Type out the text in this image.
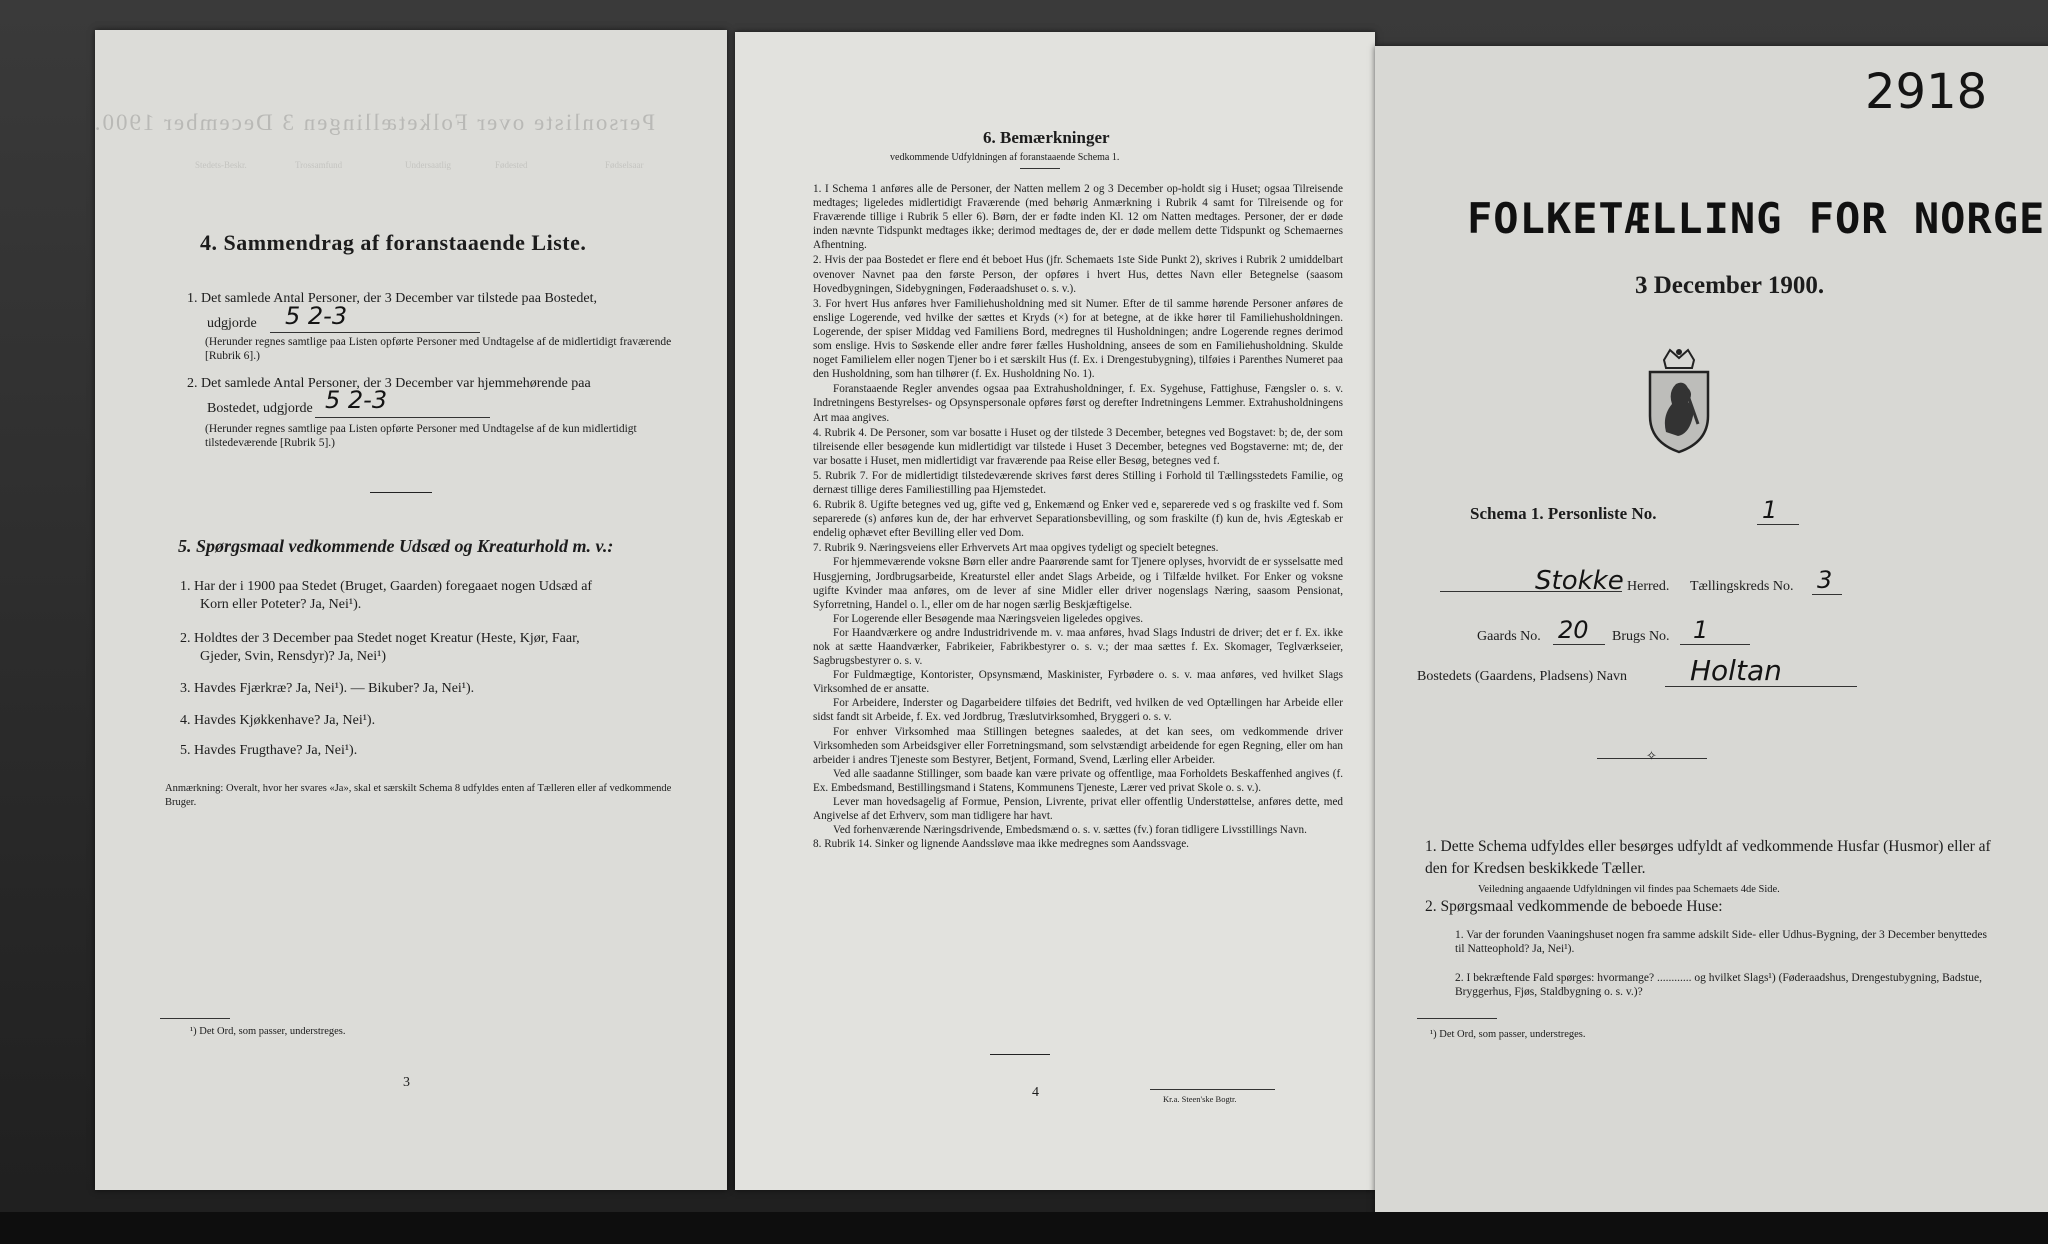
Personliste over Folketællingen 3 December 1900.
Stedets-Beskr.	Trossamfund	Undersaatlig	Fødested	Fødselsaar
4. Sammendrag af foranstaaende Liste.
1. Det samlede Antal Personer, der 3 December var tilstede paa Bostedet,
udgjorde 5 2-3
(Herunder regnes samtlige paa Listen opførte Personer med Undtagelse af de midlertidigt fraværende [Rubrik 6].)
2. Det samlede Antal Personer, der 3 December var hjemmehørende paa
Bostedet, udgjorde 5 2-3
(Herunder regnes samtlige paa Listen opførte Personer med Undtagelse af de kun midlertidigt tilstedeværende [Rubrik 5].)
5. Spørgsmaal vedkommende Udsæd og Kreaturhold m. v.:
1. Har der i 1900 paa Stedet (Bruget, Gaarden) foregaaet nogen Udsæd af
Korn eller Poteter? Ja, Nei¹).
2. Holdtes der 3 December paa Stedet noget Kreatur (Heste, Kjør, Faar,
Gjeder, Svin, Rensdyr)? Ja, Nei¹)
3. Havdes Fjærkræ? Ja, Nei¹). — Bikuber? Ja, Nei¹).
4. Havdes Kjøkkenhave? Ja, Nei¹).
5. Havdes Frugthave? Ja, Nei¹).
Anmærkning: Overalt, hvor her svares «Ja», skal et særskilt Schema 8 udfyldes enten af Tælleren eller af vedkommende Bruger.
¹) Det Ord, som passer, understreges.
3
6. Bemærkninger
vedkommende Udfyldningen af foranstaaende Schema 1.
1. I Schema 1 anføres alle de Personer, der Natten mellem 2 og 3 December op-holdt sig i Huset; ogsaa Tilreisende medtages; ligeledes midlertidigt Fraværende (med behørig Anmærkning i Rubrik 4 samt for Tilreisende og for Fraværende tillige i Rubrik 5 eller 6). Børn, der er fødte inden Kl. 12 om Natten medtages. Personer, der er døde inden nævnte Tidspunkt medtages ikke; derimod medtages de, der er døde mellem dette Tidspunkt og Schemaernes Afhentning.
2. Hvis der paa Bostedet er flere end ét beboet Hus (jfr. Schemaets 1ste Side Punkt 2), skrives i Rubrik 2 umiddelbart ovenover Navnet paa den første Person, der opføres i hvert Hus, dettes Navn eller Betegnelse (saasom Hovedbygningen, Sidebygningen, Føderaadshuset o. s. v.).
3. For hvert Hus anføres hver Familiehusholdning med sit Numer. Efter de til samme hørende Personer anføres de enslige Logerende, ved hvilke der sættes et Kryds (×) for at betegne, at de ikke hører til Familiehusholdningen. Logerende, der spiser Middag ved Familiens Bord, medregnes til Husholdningen; andre Logerende regnes derimod som enslige. Hvis to Søskende eller andre fører fælles Husholdning, ansees de som en Familiehusholdning. Skulde noget Familielem eller nogen Tjener bo i et særskilt Hus (f. Ex. i Drengestubygning), tilføies i Parenthes Numeret paa den Husholdning, som han tilhører (f. Ex. Husholdning No. 1).
Foranstaaende Regler anvendes ogsaa paa Extrahusholdninger, f. Ex. Sygehuse, Fattighuse, Fængsler o. s. v. Indretningens Bestyrelses- og Opsynspersonale opføres først og derefter Indretningens Lemmer. Extrahusholdningens Art maa angives.
4. Rubrik 4. De Personer, som var bosatte i Huset og der tilstede 3 December, betegnes ved Bogstavet: b; de, der som tilreisende eller besøgende kun midlertidigt var tilstede i Huset 3 December, betegnes ved Bogstaverne: mt; de, der var bosatte i Huset, men midlertidigt var fraværende paa Reise eller Besøg, betegnes ved f.
5. Rubrik 7. For de midlertidigt tilstedeværende skrives først deres Stilling i Forhold til Tællingsstedets Familie, og dernæst tillige deres Familiestilling paa Hjemstedet.
6. Rubrik 8. Ugifte betegnes ved ug, gifte ved g, Enkemænd og Enker ved e, separerede ved s og fraskilte ved f. Som separerede (s) anføres kun de, der har erhvervet Separationsbevilling, og som fraskilte (f) kun de, hvis Ægteskab er endelig ophævet efter Bevilling eller ved Dom.
7. Rubrik 9. Næringsveiens eller Erhvervets Art maa opgives tydeligt og specielt betegnes.
For hjemmeværende voksne Børn eller andre Paarørende samt for Tjenere oplyses, hvorvidt de er sysselsatte med Husgjerning, Jordbrugsarbeide, Kreaturstel eller andet Slags Arbeide, og i Tilfælde hvilket. For Enker og voksne ugifte Kvinder maa anføres, om de lever af sine Midler eller driver nogenslags Næring, saasom Pensionat, Syforretning, Handel o. l., eller om de har nogen særlig Beskjæftigelse.
For Logerende eller Besøgende maa Næringsveien ligeledes opgives.
For Haandværkere og andre Industridrivende m. v. maa anføres, hvad Slags Industri de driver; det er f. Ex. ikke nok at sætte Haandværker, Fabrikeier, Fabrikbestyrer o. s. v.; der maa sættes f. Ex. Skomager, Teglværkseier, Sagbrugsbestyrer o. s. v.
For Fuldmægtige, Kontorister, Opsynsmænd, Maskinister, Fyrbødere o. s. v. maa anføres, ved hvilket Slags Virksomhed de er ansatte.
For Arbeidere, Inderster og Dagarbeidere tilføies det Bedrift, ved hvilken de ved Optællingen har Arbeide eller sidst fandt sit Arbeide, f. Ex. ved Jordbrug, Træslutvirksomhed, Bryggeri o. s. v.
For enhver Virksomhed maa Stillingen betegnes saaledes, at det kan sees, om vedkommende driver Virksomheden som Arbeidsgiver eller Forretningsmand, som selvstændigt arbeidende for egen Regning, eller om han arbeider i andres Tjeneste som Bestyrer, Betjent, Formand, Svend, Lærling eller Arbeider.
Ved alle saadanne Stillinger, som baade kan være private og offentlige, maa Forholdets Beskaffenhed angives (f. Ex. Embedsmand, Bestillingsmand i Statens, Kommunens Tjeneste, Lærer ved privat Skole o. s. v.).
Lever man hovedsagelig af Formue, Pension, Livrente, privat eller offentlig Understøttelse, anføres dette, med Angivelse af det Erhverv, som man tidligere har havt.
Ved forhenværende Næringsdrivende, Embedsmænd o. s. v. sættes (fv.) foran tidligere Livsstillings Navn.
8. Rubrik 14. Sinker og lignende Aandssløve maa ikke medregnes som Aandssvage.
4	Kr.a. Steen'ske Bogtr.
2918
FOLKETÆLLING FOR NORGE
3 December 1900.
Schema 1. Personliste No.	1
Stokke Herred. Tællingskreds No. 3
Gaards No. 20 Brugs No. 1
Bostedets (Gaardens, Pladsens) Navn Holtan
✧
1. Dette Schema udfyldes eller besørges udfyldt af vedkommende Husfar (Husmor) eller af den for Kredsen beskikkede Tæller.
Veiledning angaaende Udfyldningen vil findes paa Schemaets 4de Side.
2. Spørgsmaal vedkommende de beboede Huse:
1. Var der forunden Vaaningshuset nogen fra samme adskilt Side- eller Udhus-Bygning, der 3 December benyttedes til Natteophold? Ja, Nei¹).
2. I bekræftende Fald spørges: hvormange? ............ og hvilket Slags¹) (Føderaadshus, Drengestubygning, Badstue, Bryggerhus, Fjøs, Staldbygning o. s. v.)?
¹) Det Ord, som passer, understreges.
